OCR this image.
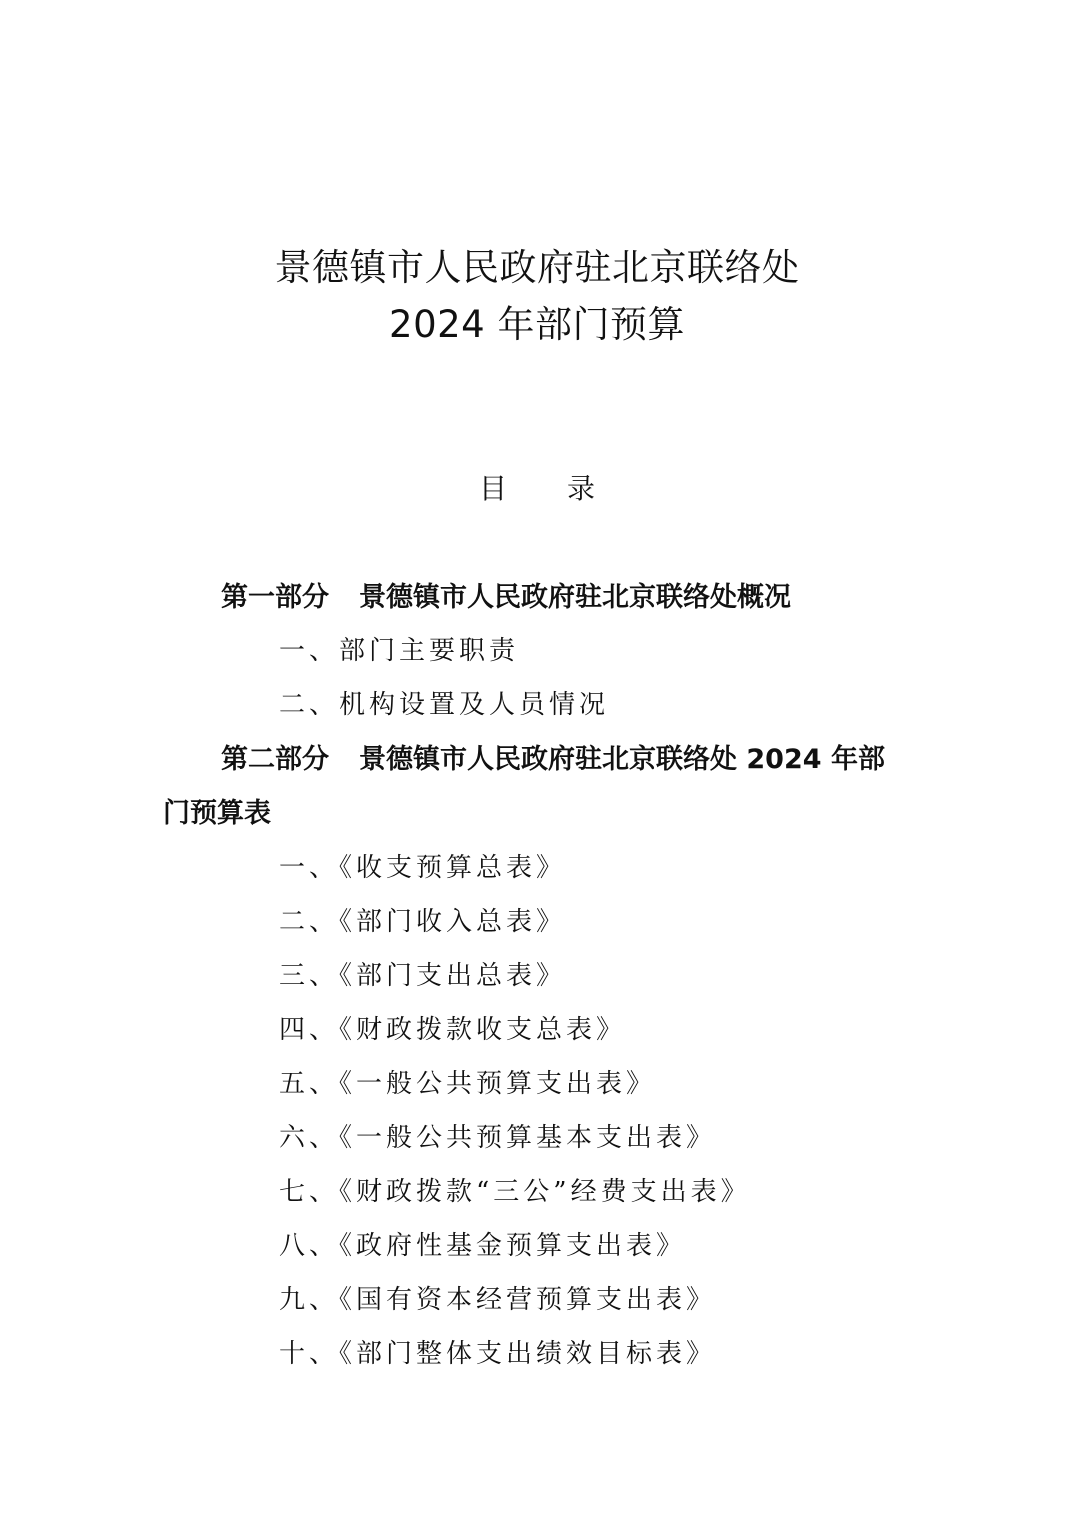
景德镇市人民政府驻北京联络处
2024 年部门预算
目 录
第一部分 景德镇市人民政府驻北京联络处概况
一、部门主要职责
二、机构设置及人员情况
第二部分 景德镇市人民政府驻北京联络处 2024 年部
门预算表
一、《收支预算总表》
二、《部门收入总表》
三、《部门支出总表》
四、《财政拨款收支总表》
五、《一般公共预算支出表》
六、《一般公共预算基本支出表》
七、《财政拨款“三公”经费支出表》
八、《政府性基金预算支出表》
九、《国有资本经营预算支出表》
十、《部门整体支出绩效目标表》
